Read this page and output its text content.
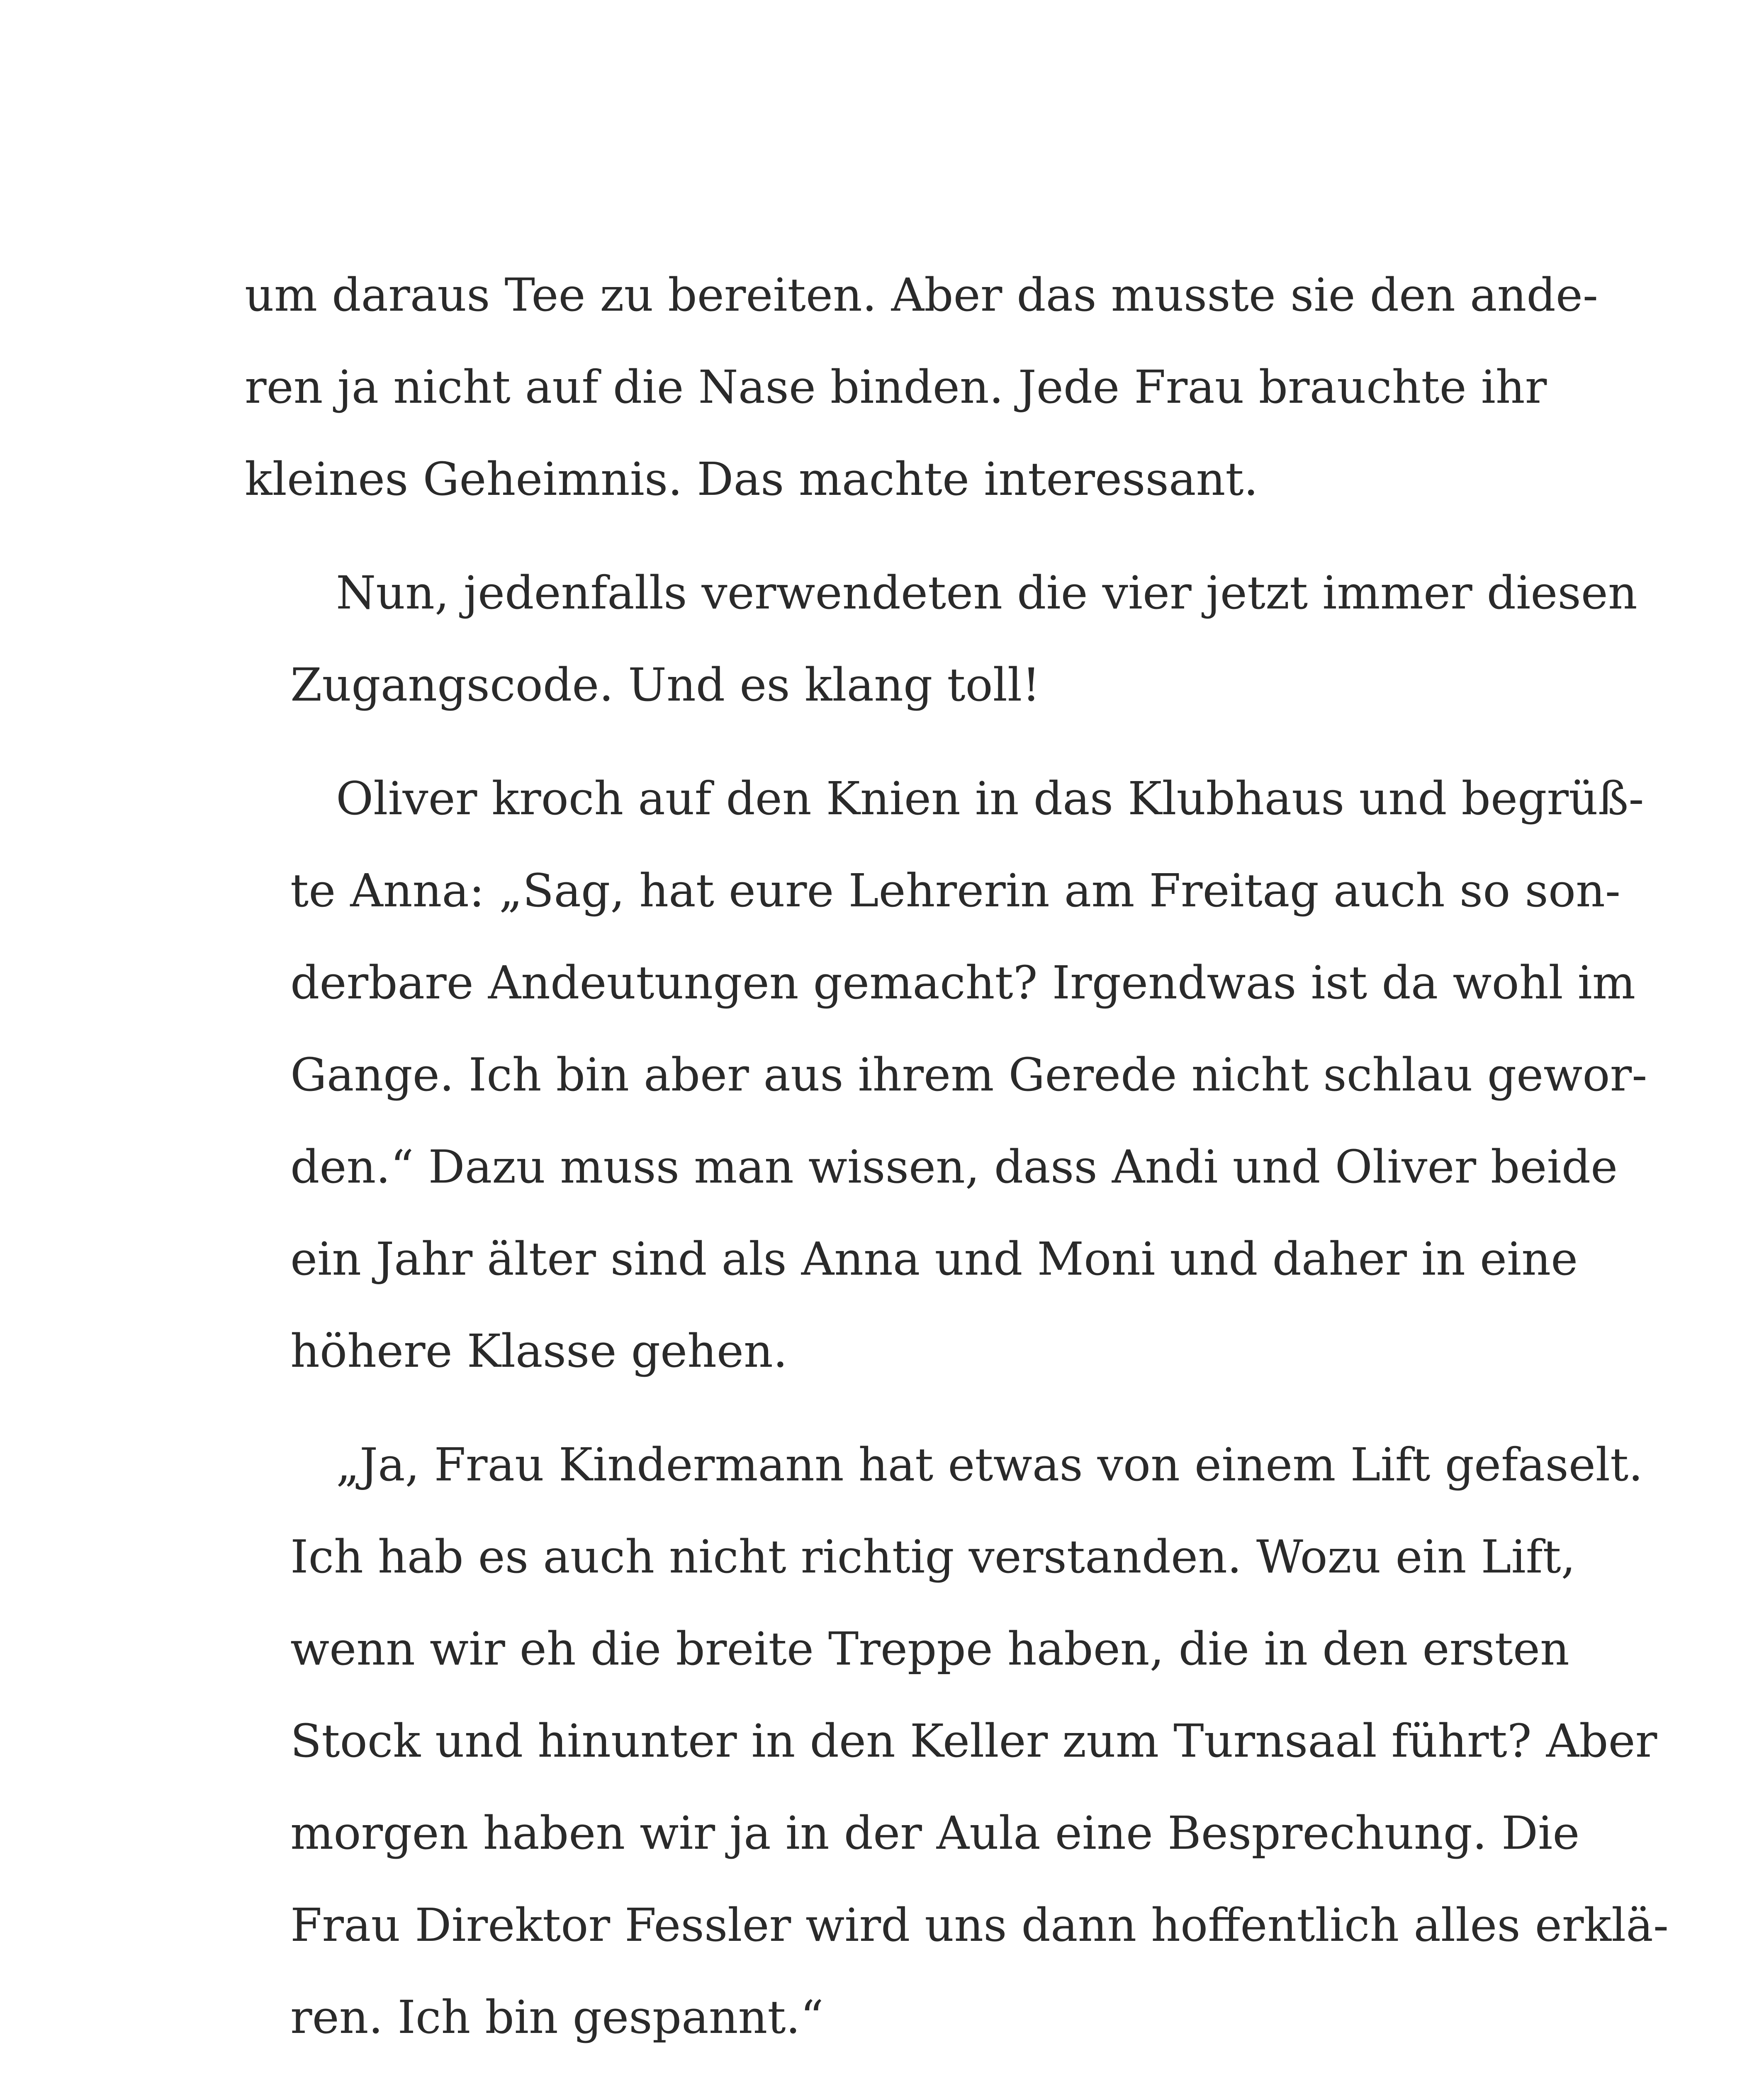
um daraus Tee zu bereiten. Aber das musste sie den ande-
ren ja nicht auf die Nase binden. Jede Frau brauchte ihr
kleines Geheimnis. Das machte interessant.
Nun, jedenfalls verwendeten die vier jetzt immer diesen
Zugangscode. Und es klang toll!
Oliver kroch auf den Knien in das Klubhaus und begrüß-
te Anna: „Sag, hat eure Lehrerin am Freitag auch so son-
derbare Andeutungen gemacht? Irgendwas ist da wohl im
Gange. Ich bin aber aus ihrem Gerede nicht schlau gewor-
den.“ Dazu muss man wissen, dass Andi und Oliver beide
ein Jahr älter sind als Anna und Moni und daher in eine
höhere Klasse gehen.
„Ja, Frau Kindermann hat etwas von einem Lift gefaselt.
Ich hab es auch nicht richtig verstanden. Wozu ein Lift,
wenn wir eh die breite Treppe haben, die in den ersten
Stock und hinunter in den Keller zum Turnsaal führt? Aber
morgen haben wir ja in der Aula eine Besprechung. Die
Frau Direktor Fessler wird uns dann hoffentlich alles erklä-
ren. Ich bin gespannt.“
